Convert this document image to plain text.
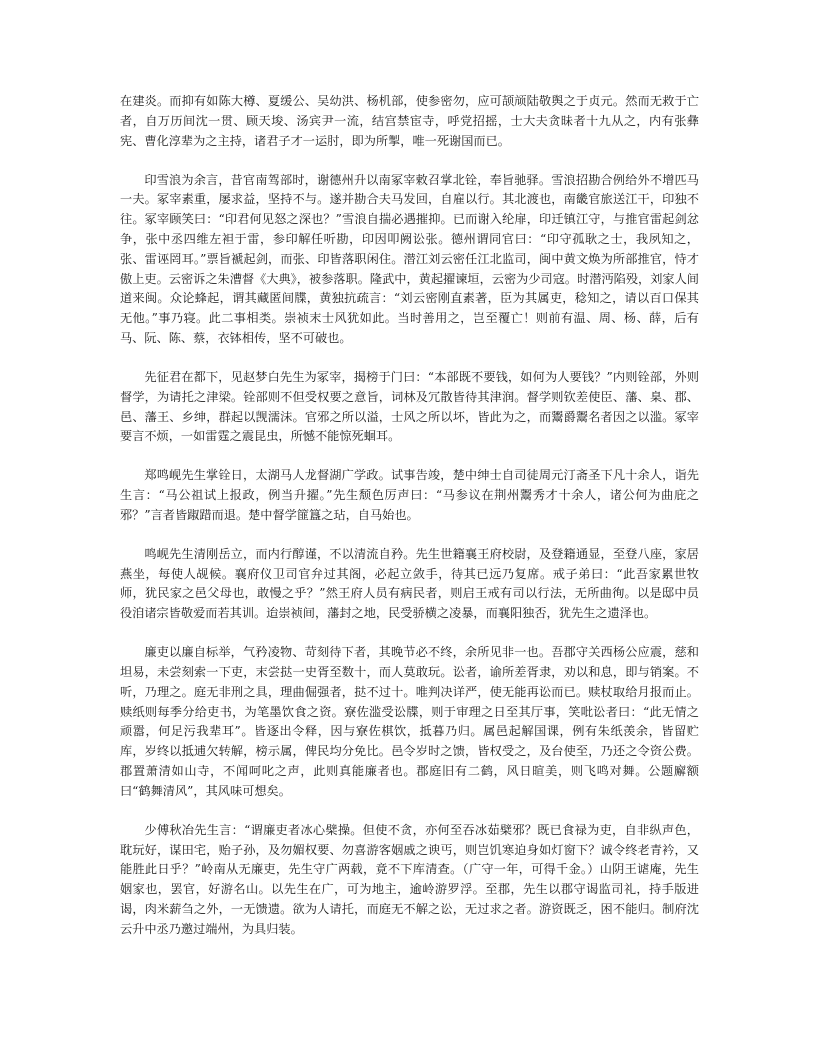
在建炎。而抑有如陈大樽、夏缓公、吴幼洪、杨机部，使参密勿，应可颉颃陆敬舆之于贞元。然而无救于亡者，自万历间沈一贯、顾天埈、汤宾尹一流，结宫禁宦寺，呼党招摇，士大夫贪昧者十九从之，内有张彝宪、曹化淳辈为之主持，诸君子才一运肘，即为所掣，唯一死谢国而已。

印雪浪为余言，昔官南驾部时，谢德州升以南冢宰敕召掌北铨，奉旨驰驿。雪浪招勘合例给外不增匹马一夫。冢宰素重，屡求益，坚持不与。遂并勘合夫马发回，自雇以行。其北渡也，南畿官旅送江干，印独不往。冢宰顾笑曰：“印君何见怒之深也？”雪浪自揣必遇摧抑。已而谢入纶扉，印迁镇江守，与推官雷起剑忿争，张中丞四维左袒于雷，参印解任听勘，印因叩阙讼张。德州谓同官曰：“印守孤耿之士，我夙知之，张、雷诬罔耳。”票旨褫起剑，而张、印皆落职闲住。潜江刘云密任江北监司，闽中黄文焕为所部推官，恃才傲上吏。云密诉之朱漕督《大典》，被参落职。隆武中，黄起擢谏垣，云密为少司寇。时潜沔陷殁，刘家人间道来闽。众论蜂起，谓其藏匿间牒，黄独抗疏言：“刘云密刚直素著，臣为其属吏，稔知之，请以百口保其无他。”事乃寝。此二事相类。崇祯末士风犹如此。当时善用之，岂至覆亡！则前有温、周、杨、薛，后有马、阮、陈、蔡，衣钵相传，坚不可破也。

先征君在都下，见赵梦白先生为冢宰，揭榜于门曰：“本部既不要钱，如何为人要钱？”内则铨部，外则督学，为请托之津梁。铨部则不但受权要之意旨，词林及冗散皆待其津润。督学则钦差使臣、藩、臬、郡、邑、藩王、乡绅，群起以觊濡沫。官邪之所以溢，士风之所以坏，皆此为之，而鬻爵鬻名者因之以滥。冢宰要言不烦，一如雷霆之震昆虫，所憾不能惊死蛔耳。

郑鸣岘先生掌铨日，太湖马人龙督湖广学政。试事告竣，楚中绅士自司徒周元汀斋圣下凡十余人，诣先生言：“马公祖试上报政，例当升擢。”先生颓色厉声曰：“马参议在荆州鬻秀才十余人，诸公何为曲庇之邪？”言者皆踧踖而退。楚中督学篚簋之玷，自马始也。

鸣岘先生清刚岳立，而内行醇谨，不以清流自矜。先生世籍襄王府校尉，及登籍通显，至登八座，家居燕坐，每使人觇候。襄府仪卫司官弁过其阁，必起立敛手，待其已远乃复席。戒子弟曰：“此吾家累世牧师，犹民家之邑父母也，敢慢之乎？”然王府人员有病民者，则启王戒有司以行法，无所曲徇。以是邸中员役洎诸宗皆敬爱而若其训。迨崇祯间，藩封之地，民受骄横之凌暴，而襄阳独否，犹先生之遗泽也。

廉吏以廉自标举，气矜凌物、苛刻待下者，其晚节必不终，余所见非一也。吾郡守关西杨公应震，慈和坦易，未尝刻索一下吏，末尝挞一史胥至数十，而人莫敢玩。讼者，谕所差胥隶，劝以和息，即与销案。不听，乃理之。庭无非刑之具，理曲倔强者，挞不过十。唯判决详严，使无能再讼而已。赎杖取给月报而止。赎纸则每季分给吏书，为笔墨饮食之资。寮佐滥受讼牒，则于审理之日至其厅事，笑吡讼者曰：“此无情之顽嚣，何足污我辈耳”。皆逐出令释，因与寮佐棋饮，抵暮乃归。属邑起解国课，例有朱纸羡余，皆留贮库，岁终以抵逋欠转解，榜示属，俾民均分免比。邑令岁时之馈，皆权受之，及台使至，乃还之令资公费。郡置萧清如山寺，不闻呵叱之声，此则真能廉者也。郡庭旧有二鹤，风日暄美，则飞鸣对舞。公题廨额曰“鹤舞清风”，其风味可想矣。

少傅秋冶先生言：“谓廉吏者冰心檗操。但使不贪，亦何至吞冰茹檗邪？既已食禄为吏，自非纵声色，耽玩好，谋田宅，贻子孙，及勿媚权要、勿喜游客姻戚之谀丐，则岂饥寒迫身如灯窗下？诚令终老青衿，又能胜此日乎？”岭南从无廉吏，先生守广两载，竟不下库清查。（广守一年，可得千金。）山阴王谑庵，先生姻家也，罢官，好游名山。以先生在广，可为地主，逾岭游罗浮。至郡，先生以郡守谒监司礼，持手版进谒，肉米薪刍之外，一无馈遗。欲为人请托，而庭无不解之讼，无过求之者。游资既乏，困不能归。制府沈云升中丞乃邀过端州，为具归装。
